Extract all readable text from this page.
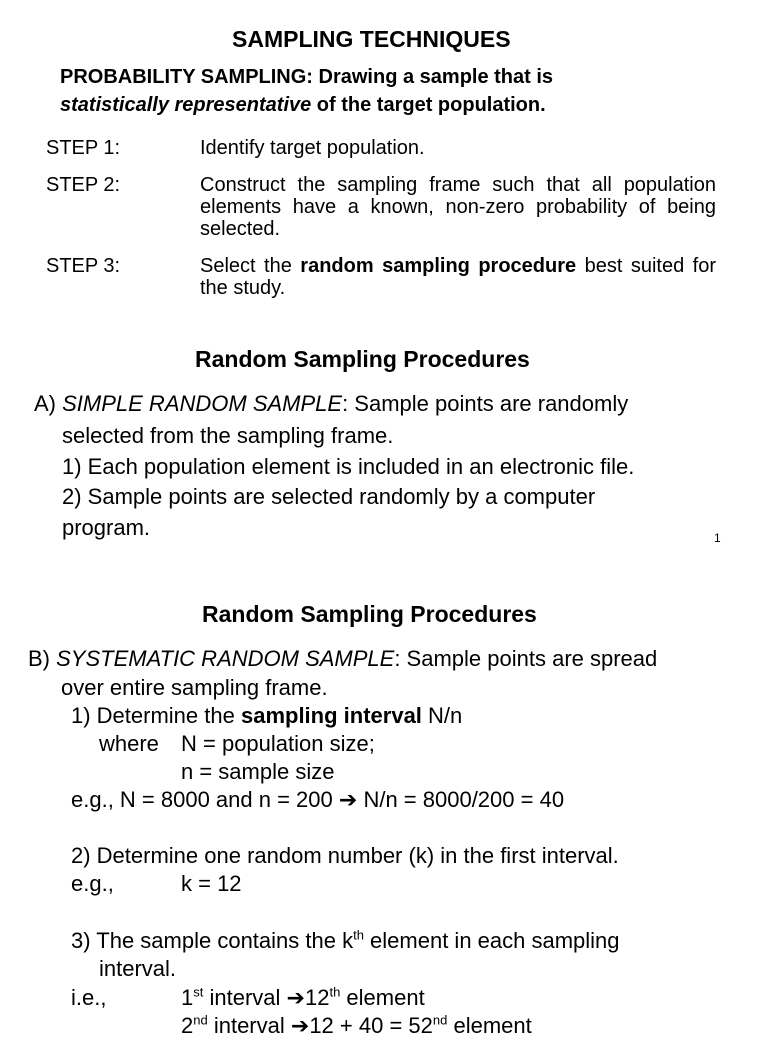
SAMPLING TECHNIQUES
PROBABILITY SAMPLING: Drawing a sample that is
statistically representative of the target population.
STEP 1:	Identify target population.
STEP 2:	Construct the sampling frame such that all population elements have a known, non-zero probability of being selected.
STEP 3:	Select the random sampling procedure best suited for the study.
Random Sampling Procedures
A) SIMPLE RANDOM SAMPLE: Sample points are randomly
selected from the sampling frame.
1) Each population element is included in an electronic file.
2) Sample points are selected randomly by a computer
program.	1
Random Sampling Procedures
B) SYSTEMATIC RANDOM SAMPLE: Sample points are spread
over entire sampling frame.
1) Determine the sampling interval N/n
where N = population size;
n = sample size
e.g., N = 8000 and n = 200 ➔ N/n = 8000/200 = 40
2) Determine one random number (k) in the first interval.
e.g.,	k = 12
3) The sample contains the $k^{th}$ element in each sampling
interval.
i.e.,	1st interval ➔12th element
2nd interval ➔12 + 40 = 52nd element
